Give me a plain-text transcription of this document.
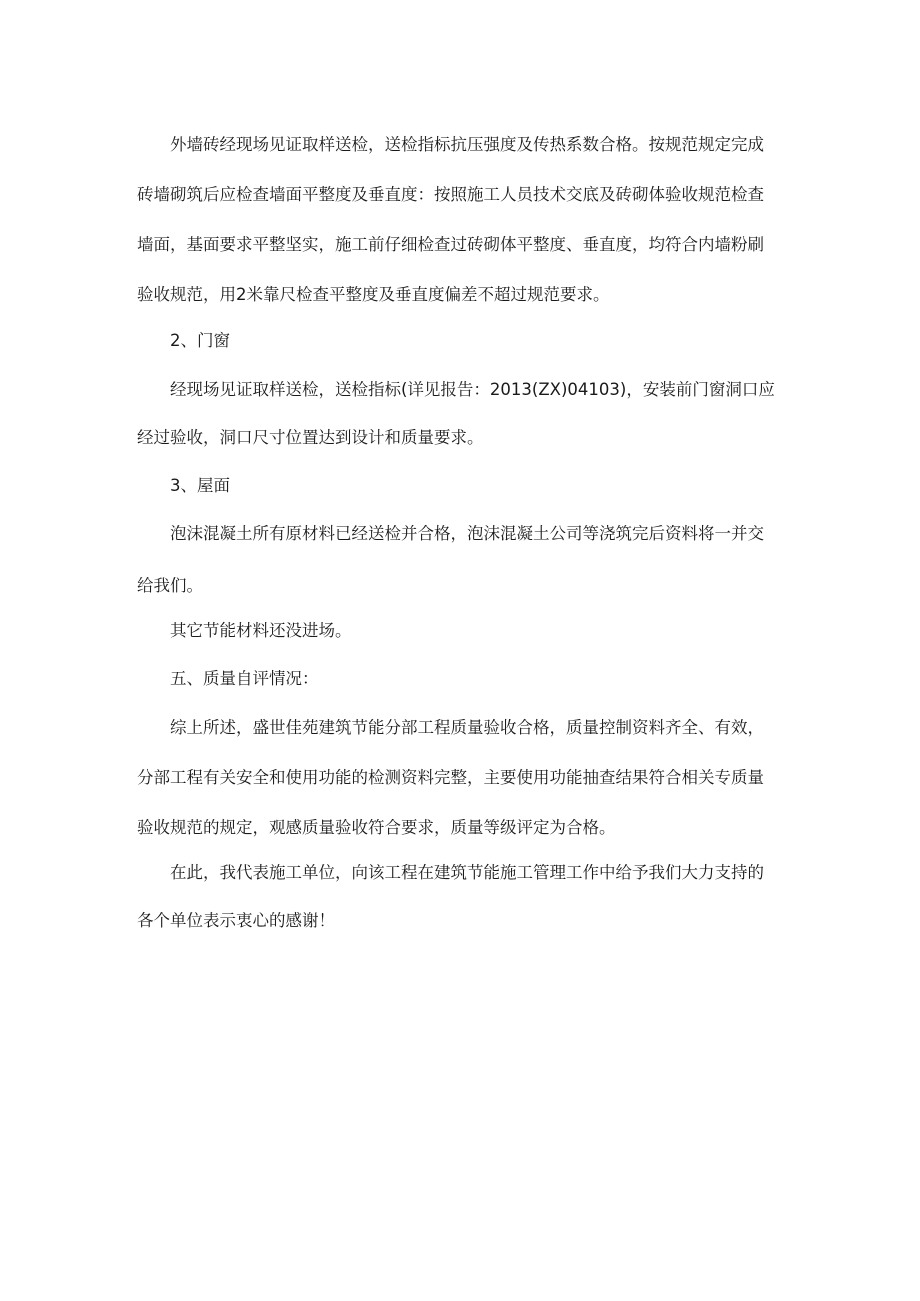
外墙砖经现场见证取样送检，送检指标抗压强度及传热系数合格。按规范规定完成
砖墙砌筑后应检查墙面平整度及垂直度：按照施工人员技术交底及砖砌体验收规范检查
墙面，基面要求平整坚实，施工前仔细检查过砖砌体平整度、垂直度，均符合内墙粉刷
验收规范，用2米靠尺检查平整度及垂直度偏差不超过规范要求。

2、门窗

经现场见证取样送检，送检指标(详见报告：2013(ZX)04103)，安装前门窗洞口应
经过验收，洞口尺寸位置达到设计和质量要求。

3、屋面

泡沫混凝土所有原材料已经送检并合格，泡沫混凝土公司等浇筑完后资料将一并交
给我们。

其它节能材料还没进场。

五、质量自评情况：

综上所述，盛世佳苑建筑节能分部工程质量验收合格，质量控制资料齐全、有效，
分部工程有关安全和使用功能的检测资料完整，主要使用功能抽查结果符合相关专质量
验收规范的规定，观感质量验收符合要求，质量等级评定为合格。
在此，我代表施工单位，向该工程在建筑节能施工管理工作中给予我们大力支持的
各个单位表示衷心的感谢！
